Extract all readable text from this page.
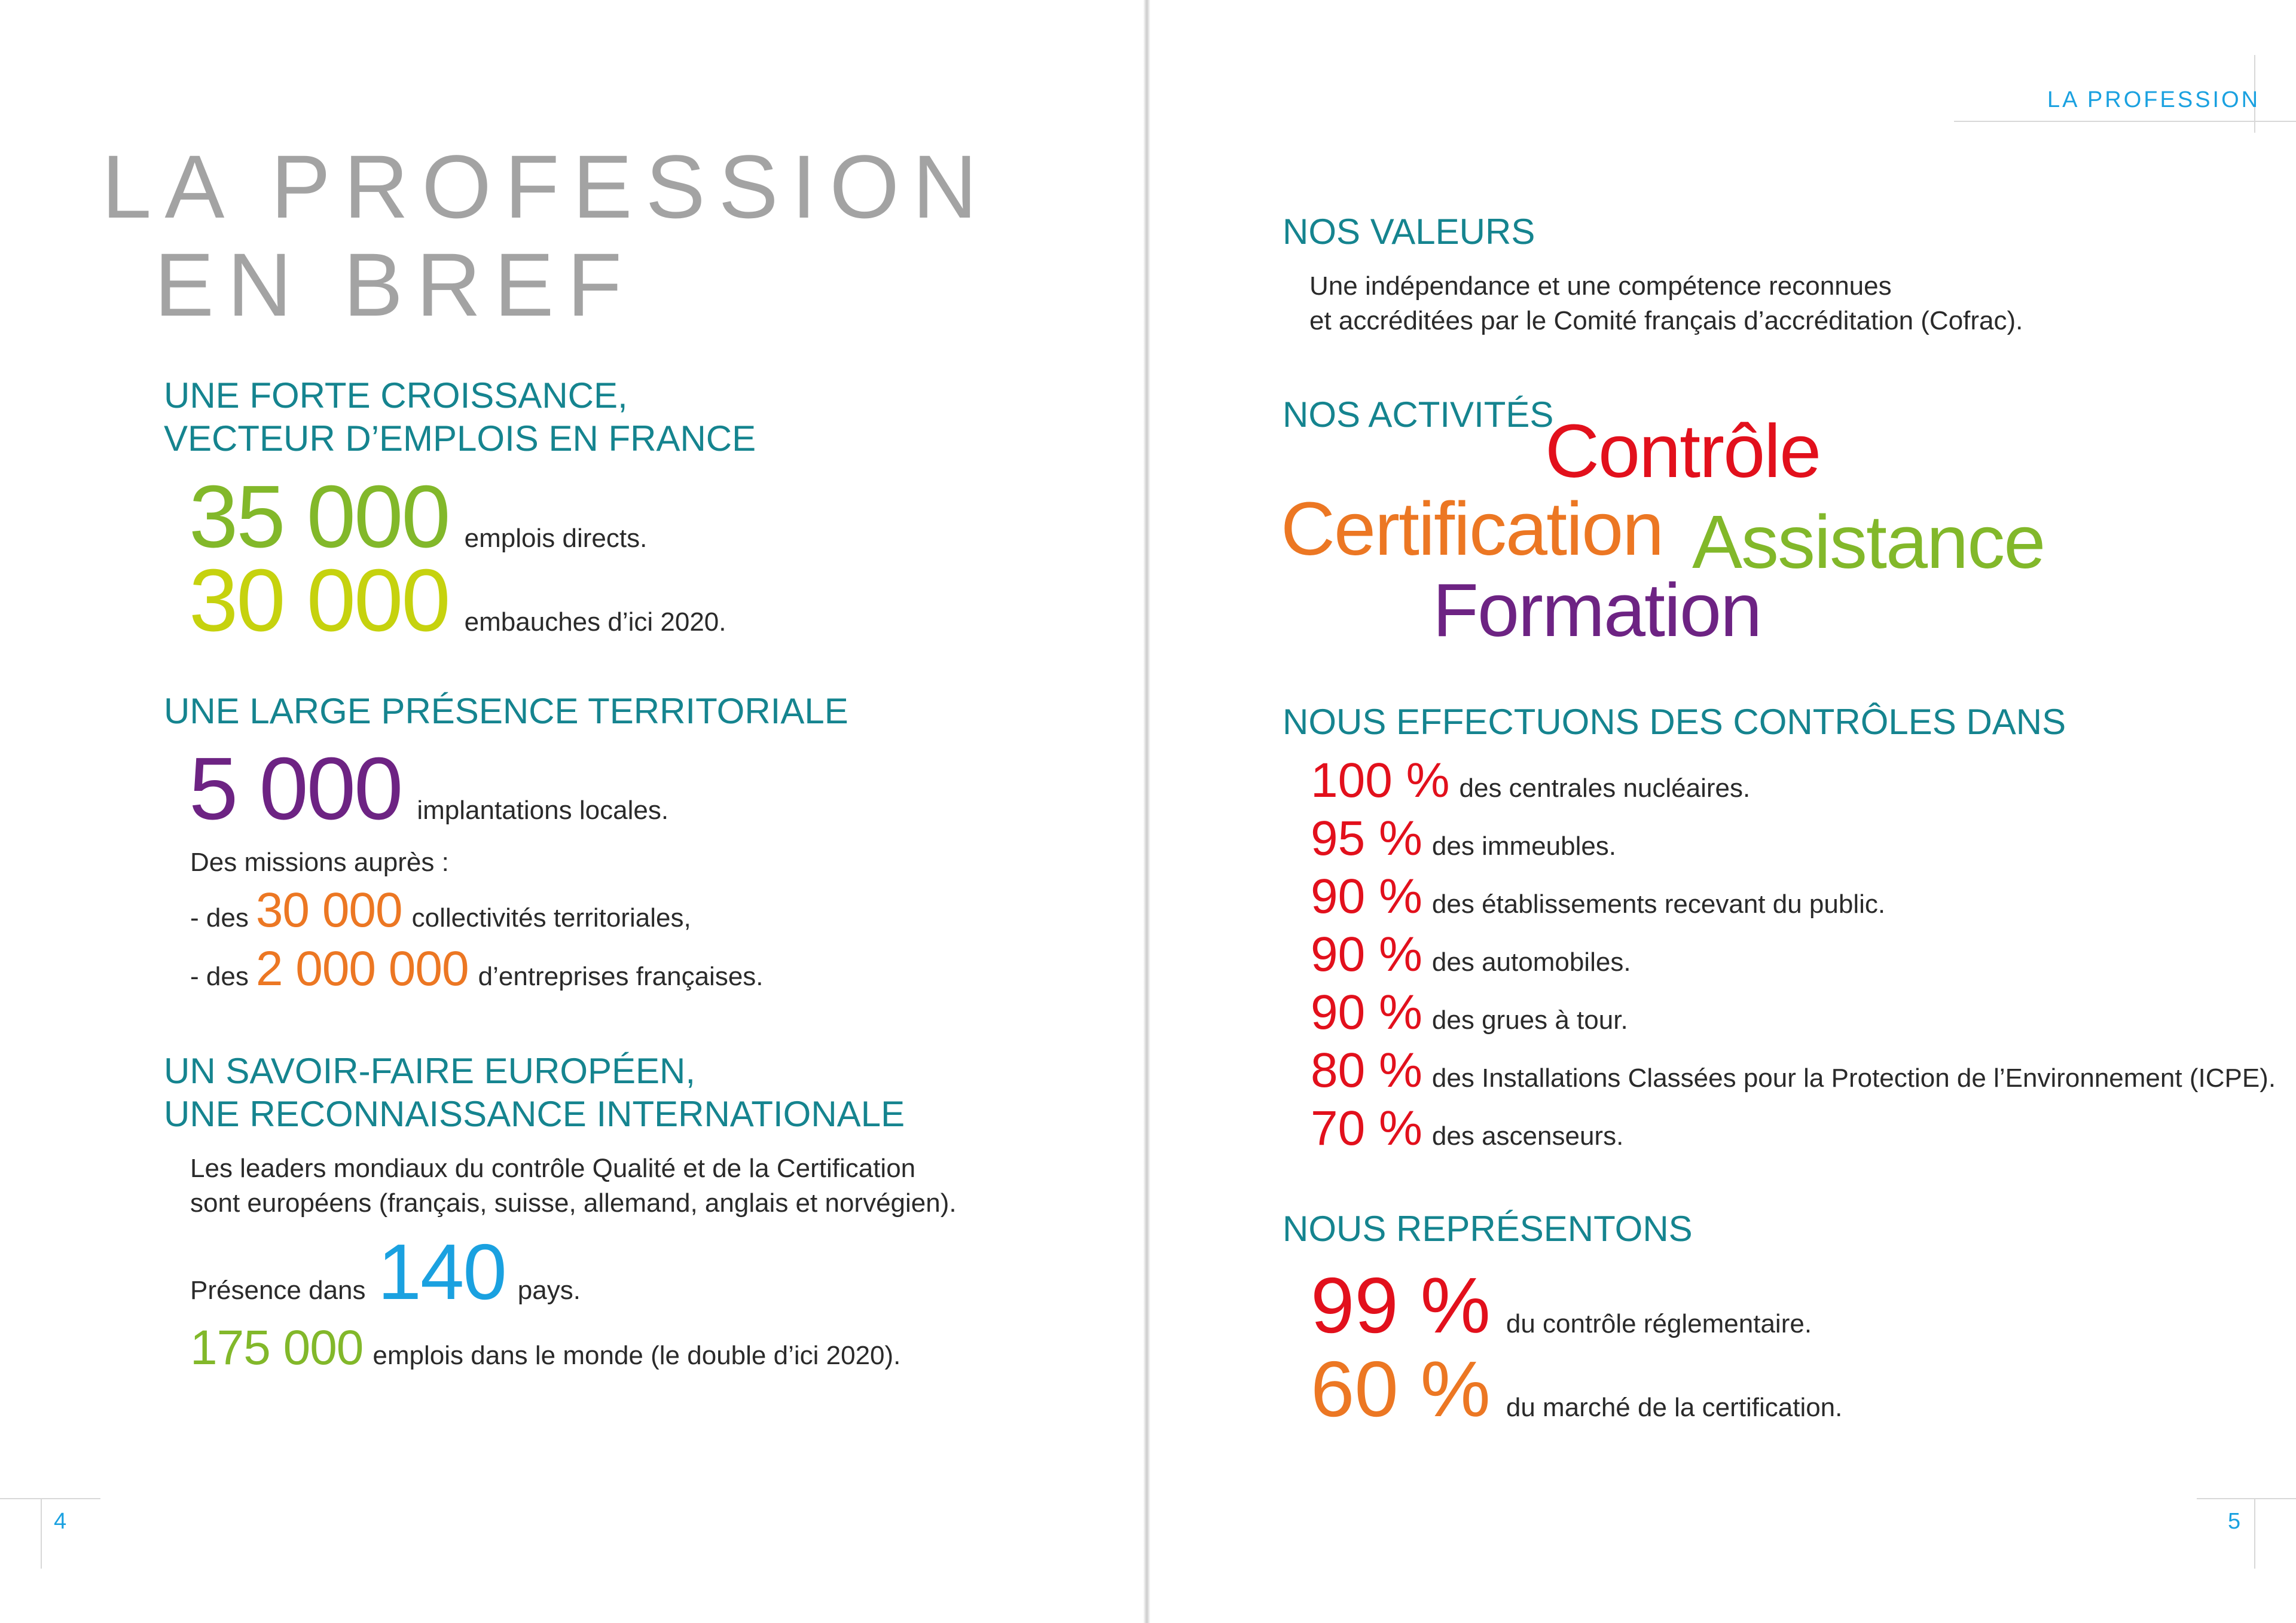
LA PROFESSION
EN BREF
UNE FORTE CROISSANCE,
VECTEUR D’EMPLOIS EN FRANCE
35 000 emplois directs.
30 000 embauches d’ici 2020.
UNE LARGE PRÉSENCE TERRITORIALE
5 000 implantations locales.
Des missions auprès :
- des 30 000 collectivités territoriales,
- des 2 000 000 d’entreprises françaises.
UN SAVOIR-FAIRE EUROPÉEN,
UNE RECONNAISSANCE INTERNATIONALE
Les leaders mondiaux du contrôle Qualité et de la Certification
sont européens (français, suisse, allemand, anglais et norvégien).
Présence dans 140 pays.
175 000 emplois dans le monde (le double d’ici 2020).
4
LA PROFESSION
NOS VALEURS
Une indépendance et une compétence reconnues
et accréditées par le Comité français d’accréditation (Cofrac).
NOS ACTIVITÉS
Contrôle
Certification Assistance
Formation
NOUS EFFECTUONS DES CONTRÔLES DANS
100 % des centrales nucléaires.
95 % des immeubles.
90 % des établissements recevant du public.
90 % des automobiles.
90 % des grues à tour.
80 % des Installations Classées pour la Protection de l’Environnement (ICPE).
70 % des ascenseurs.
NOUS REPRÉSENTONS
99 % du contrôle réglementaire.
60 % du marché de la certification.
5
